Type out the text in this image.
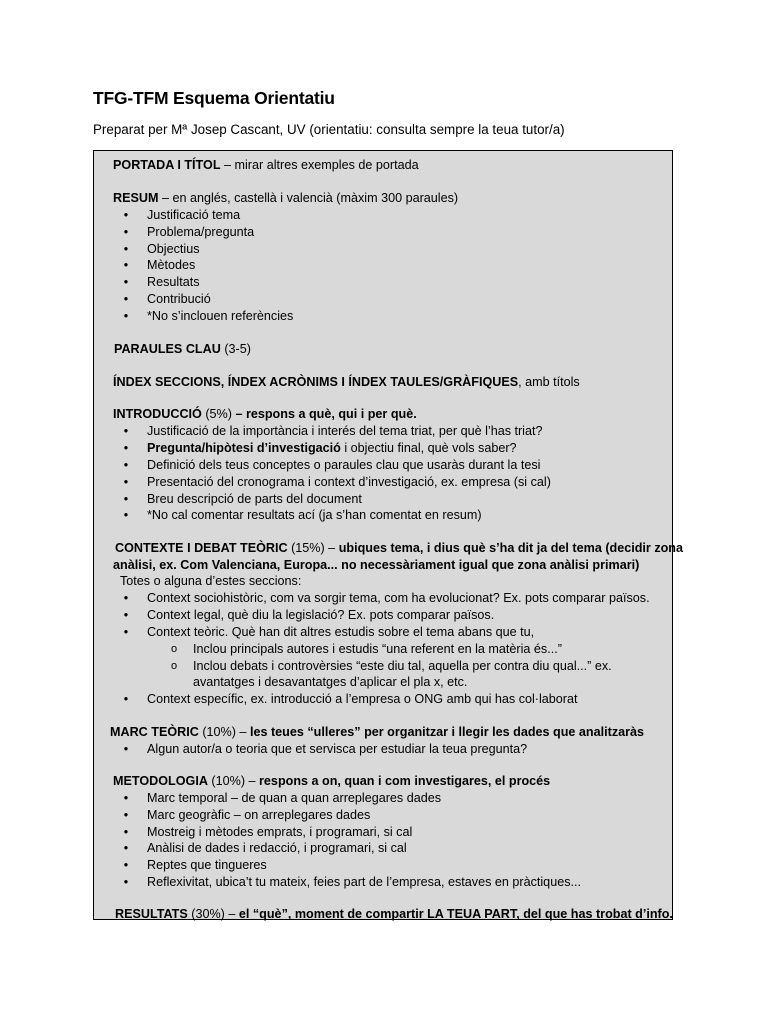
TFG-TFM Esquema Orientatiu
Preparat per Mª Josep Cascant, UV (orientatiu: consulta sempre la teua tutor/a)
PORTADA I TÍTOL – mirar altres exemples de portada
RESUM – en anglés, castellà i valencià (màxim 300 paraules)
• Justificació tema
• Problema/pregunta
• Objectius
• Mètodes
• Resultats
• Contribució
• *No s’inclouen referències
PARAULES CLAU (3-5)
ÍNDEX SECCIONS, ÍNDEX ACRÒNIMS I ÍNDEX TAULES/GRÀFIQUES, amb títols
INTRODUCCIÓ (5%) – respons a què, qui i per què.
• Justificació de la importància i interés del tema triat, per què l’has triat?
• Pregunta/hipòtesi d’investigació i objectiu final, què vols saber?
• Definició dels teus conceptes o paraules clau que usaràs durant la tesi
• Presentació del cronograma i context d’investigació, ex. empresa (si cal)
• Breu descripció de parts del document
• *No cal comentar resultats ací (ja s’han comentat en resum)
CONTEXTE I DEBAT TEÒRIC (15%) – ubiques tema, i dius què s’ha dit ja del tema (decidir zona
anàlisi, ex. Com Valenciana, Europa... no necessàriament igual que zona anàlisi primari)
Totes o alguna d’estes seccions:
• Context sociohistòric, com va sorgir tema, com ha evolucionat? Ex. pots comparar països.
• Context legal, què diu la legislació? Ex. pots comparar països.
• Context teòric. Què han dit altres estudis sobre el tema abans que tu,
o Inclou principals autores i estudis “una referent en la matèria és...”
o Inclou debats i controvèrsies “este diu tal, aquella per contra diu qual...” ex.
avantatges i desavantatges d’aplicar el pla x, etc.
• Context específic, ex. introducció a l’empresa o ONG amb qui has col·laborat
MARC TEÒRIC (10%) – les teues “ulleres” per organitzar i llegir les dades que analitzaràs
• Algun autor/a o teoria que et servisca per estudiar la teua pregunta?
METODOLOGIA (10%) – respons a on, quan i com investigares, el procés
• Marc temporal – de quan a quan arreplegares dades
• Marc geogràfic – on arreplegares dades
• Mostreig i mètodes emprats, i programari, si cal
• Anàlisi de dades i redacció, i programari, si cal
• Reptes que tingueres
• Reflexivitat, ubica’t tu mateix, feies part de l’empresa, estaves en pràctiques...
RESULTATS (30%) – el “què”, moment de compartir LA TEUA PART, del que has trobat d’info.
